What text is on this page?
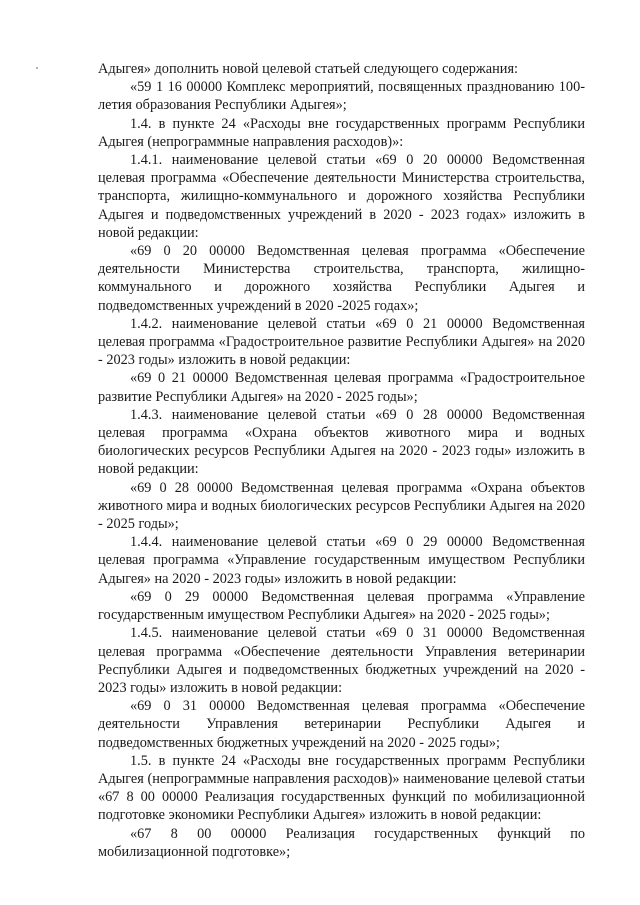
Адыгея» дополнить новой целевой статьей следующего содержания:

«59 1 16 00000 Комплекс мероприятий, посвященных празднованию 100-летия образования Республики Адыгея»;

1.4. в пункте 24 «Расходы вне государственных программ Республики Адыгея (непрограммные направления расходов)»:

1.4.1. наименование целевой статьи «69 0 20 00000 Ведомственная целевая программа «Обеспечение деятельности Министерства строительства, транспорта, жилищно-коммунального и дорожного хозяйства Республики Адыгея и подведомственных учреждений в 2020 - 2023 годах» изложить в новой редакции:

«69 0 20 00000 Ведомственная целевая программа «Обеспечение деятельности Министерства строительства, транспорта, жилищно-коммунального и дорожного хозяйства Республики Адыгея и подведомственных учреждений в 2020 -2025 годах»;

1.4.2. наименование целевой статьи «69 0 21 00000 Ведомственная целевая программа «Градостроительное развитие Республики Адыгея» на 2020 - 2023 годы» изложить в новой редакции:

«69 0 21 00000 Ведомственная целевая программа «Градостроительное развитие Республики Адыгея» на 2020 - 2025 годы»;

1.4.3. наименование целевой статьи «69 0 28 00000 Ведомственная целевая программа «Охрана объектов животного мира и водных биологических ресурсов Республики Адыгея на 2020 - 2023 годы» изложить в новой редакции:

«69 0 28 00000 Ведомственная целевая программа «Охрана объектов животного мира и водных биологических ресурсов Республики Адыгея на 2020 - 2025 годы»;

1.4.4. наименование целевой статьи «69 0 29 00000 Ведомственная целевая программа «Управление государственным имуществом Республики Адыгея» на 2020 - 2023 годы» изложить в новой редакции:

«69 0 29 00000 Ведомственная целевая программа «Управление государственным имуществом Республики Адыгея» на 2020 - 2025 годы»;

1.4.5. наименование целевой статьи «69 0 31 00000 Ведомственная целевая программа «Обеспечение деятельности Управления ветеринарии Республики Адыгея и подведомственных бюджетных учреждений на 2020 - 2023 годы» изложить в новой редакции:

«69 0 31 00000 Ведомственная целевая программа «Обеспечение деятельности Управления ветеринарии Республики Адыгея и подведомственных бюджетных учреждений на 2020 - 2025 годы»;

1.5. в пункте 24 «Расходы вне государственных программ Республики Адыгея (непрограммные направления расходов)» наименование целевой статьи «67 8 00 00000 Реализация государственных функций по мобилизационной подготовке экономики Республики Адыгея» изложить в новой редакции:

«67 8 00 00000 Реализация государственных функций по мобилизационной подготовке»;
